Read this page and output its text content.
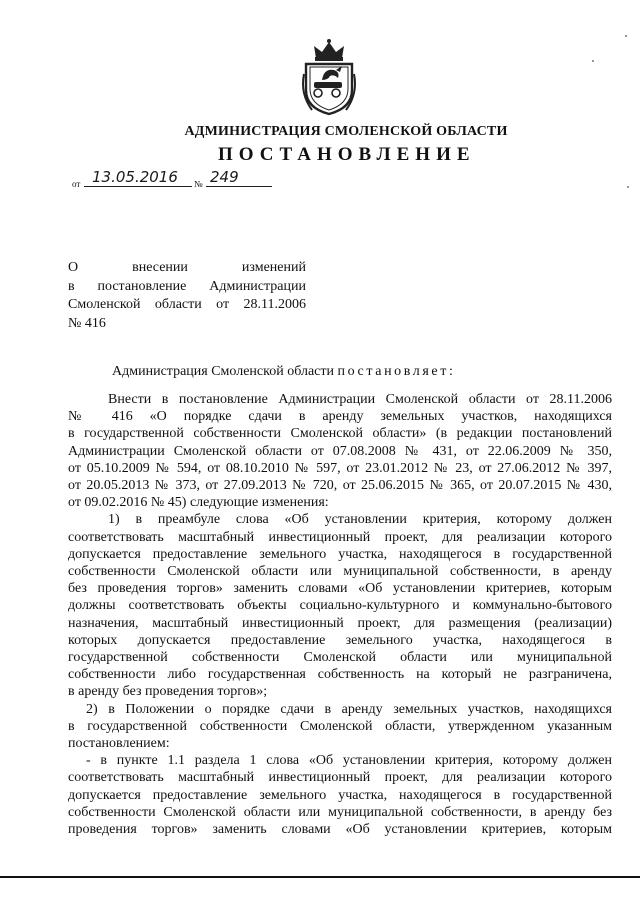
АДМИНИСТРАЦИЯ СМОЛЕНСКОЙ ОБЛАСТИ
ПОСТАНОВЛЕНИЕ
от 13.05.2016 № 249
О внесении изменений
в постановление Администрации
Смоленской области от 28.11.2006
№ 416
Администрация Смоленской области постановляет:
Внести в постановление Администрации Смоленской области от 28.11.2006
№ 416 «О порядке сдачи в аренду земельных участков, находящихся
в государственной собственности Смоленской области» (в редакции постановлений
Администрации Смоленской области от 07.08.2008 № 431, от 22.06.2009 № 350,
от 05.10.2009 № 594, от 08.10.2010 № 597, от 23.01.2012 № 23, от 27.06.2012 № 397,
от 20.05.2013 № 373, от 27.09.2013 № 720, от 25.06.2015 № 365, от 20.07.2015 № 430,
от 09.02.2016 № 45) следующие изменения:
1) в преамбуле слова «Об установлении критерия, которому должен
соответствовать масштабный инвестиционный проект, для реализации которого
допускается предоставление земельного участка, находящегося в государственной
собственности Смоленской области или муниципальной собственности, в аренду
без проведения торгов» заменить словами «Об установлении критериев, которым
должны соответствовать объекты социально-культурного и коммунально-бытового
назначения, масштабный инвестиционный проект, для размещения (реализации)
которых допускается предоставление земельного участка, находящегося в
государственной собственности Смоленской области или муниципальной
собственности либо государственная собственность на который не разграничена,
в аренду без проведения торгов»;
2) в Положении о порядке сдачи в аренду земельных участков, находящихся
в государственной собственности Смоленской области, утвержденном указанным
постановлением:
- в пункте 1.1 раздела 1 слова «Об установлении критерия, которому должен
соответствовать масштабный инвестиционный проект, для реализации которого
допускается предоставление земельного участка, находящегося в государственной
собственности Смоленской области или муниципальной собственности, в аренду без
проведения торгов» заменить словами «Об установлении критериев, которым
